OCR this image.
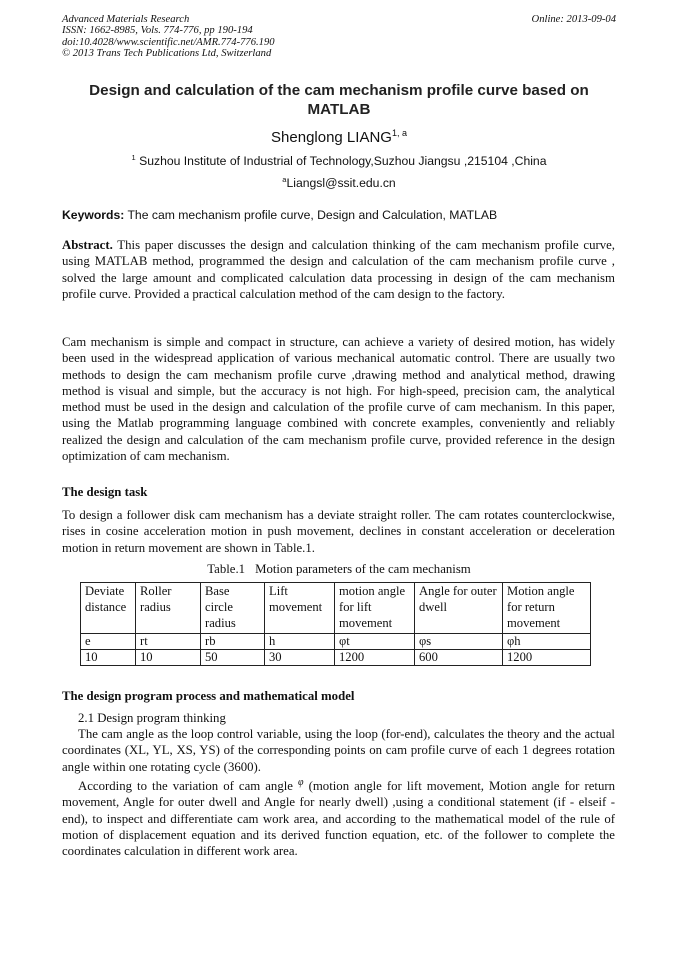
Advanced Materials Research
ISSN: 1662-8985, Vols. 774-776, pp 190-194
doi:10.4028/www.scientific.net/AMR.774-776.190
© 2013 Trans Tech Publications Ltd, Switzerland
Online: 2013-09-04
Design and calculation of the cam mechanism profile curve based on
MATLAB
Shenglong LIANG$^{1, a}$
$^1$ Suzhou Institute of Industrial of Technology,Suzhou Jiangsu ,215104 ,China
$^a$Liangsl@ssit.edu.cn
Keywords: The cam mechanism profile curve, Design and Calculation, MATLAB
Abstract. This paper discusses the design and calculation thinking of the cam mechanism profile curve, using MATLAB method, programmed the design and calculation of the cam mechanism profile curve , solved the large amount and complicated calculation data processing in design of the cam mechanism profile curve. Provided a practical calculation method of the cam design to the factory.
Cam mechanism is simple and compact in structure, can achieve a variety of desired motion, has widely been used in the widespread application of various mechanical automatic control. There are usually two methods to design the cam mechanism profile curve ,drawing method and analytical method, drawing method is visual and simple, but the accuracy is not high. For high-speed, precision cam, the analytical method must be used in the design and calculation of the profile curve of cam mechanism. In this paper, using the Matlab programming language combined with concrete examples, conveniently and reliably realized the design and calculation of the cam mechanism profile curve, provided reference in the design optimization of cam mechanism.
The design task
To design a follower disk cam mechanism has a deviate straight roller. The cam rotates counterclockwise, rises in cosine acceleration motion in push movement, declines in constant acceleration or deceleration motion in return movement are shown in Table.1.
Table.1 Motion parameters of the cam mechanism
Deviate distance	Roller radius	Base circle radius	Lift movement	motion angle for lift movement	Angle for outer dwell	Motion angle for return movement
e	rt	rb	h	φt	φs	φh
10	10	50	30	1200	600	1200
The design program process and mathematical model
2.1 Design program thinking
The cam angle as the loop control variable, using the loop (for-end), calculates the theory and the actual coordinates (XL, YL, XS, YS) of the corresponding points on cam profile curve of each 1 degrees rotation angle within one rotating cycle (3600).
According to the variation of cam angle $^\varphi$ (motion angle for lift movement, Motion angle for return movement, Angle for outer dwell and Angle for nearly dwell) ,using a conditional statement (if - elseif - end), to inspect and differentiate cam work area, and according to the mathematical model of the rule of motion of displacement equation and its derived function equation, etc. of the follower to complete the coordinates calculation in different work area.
